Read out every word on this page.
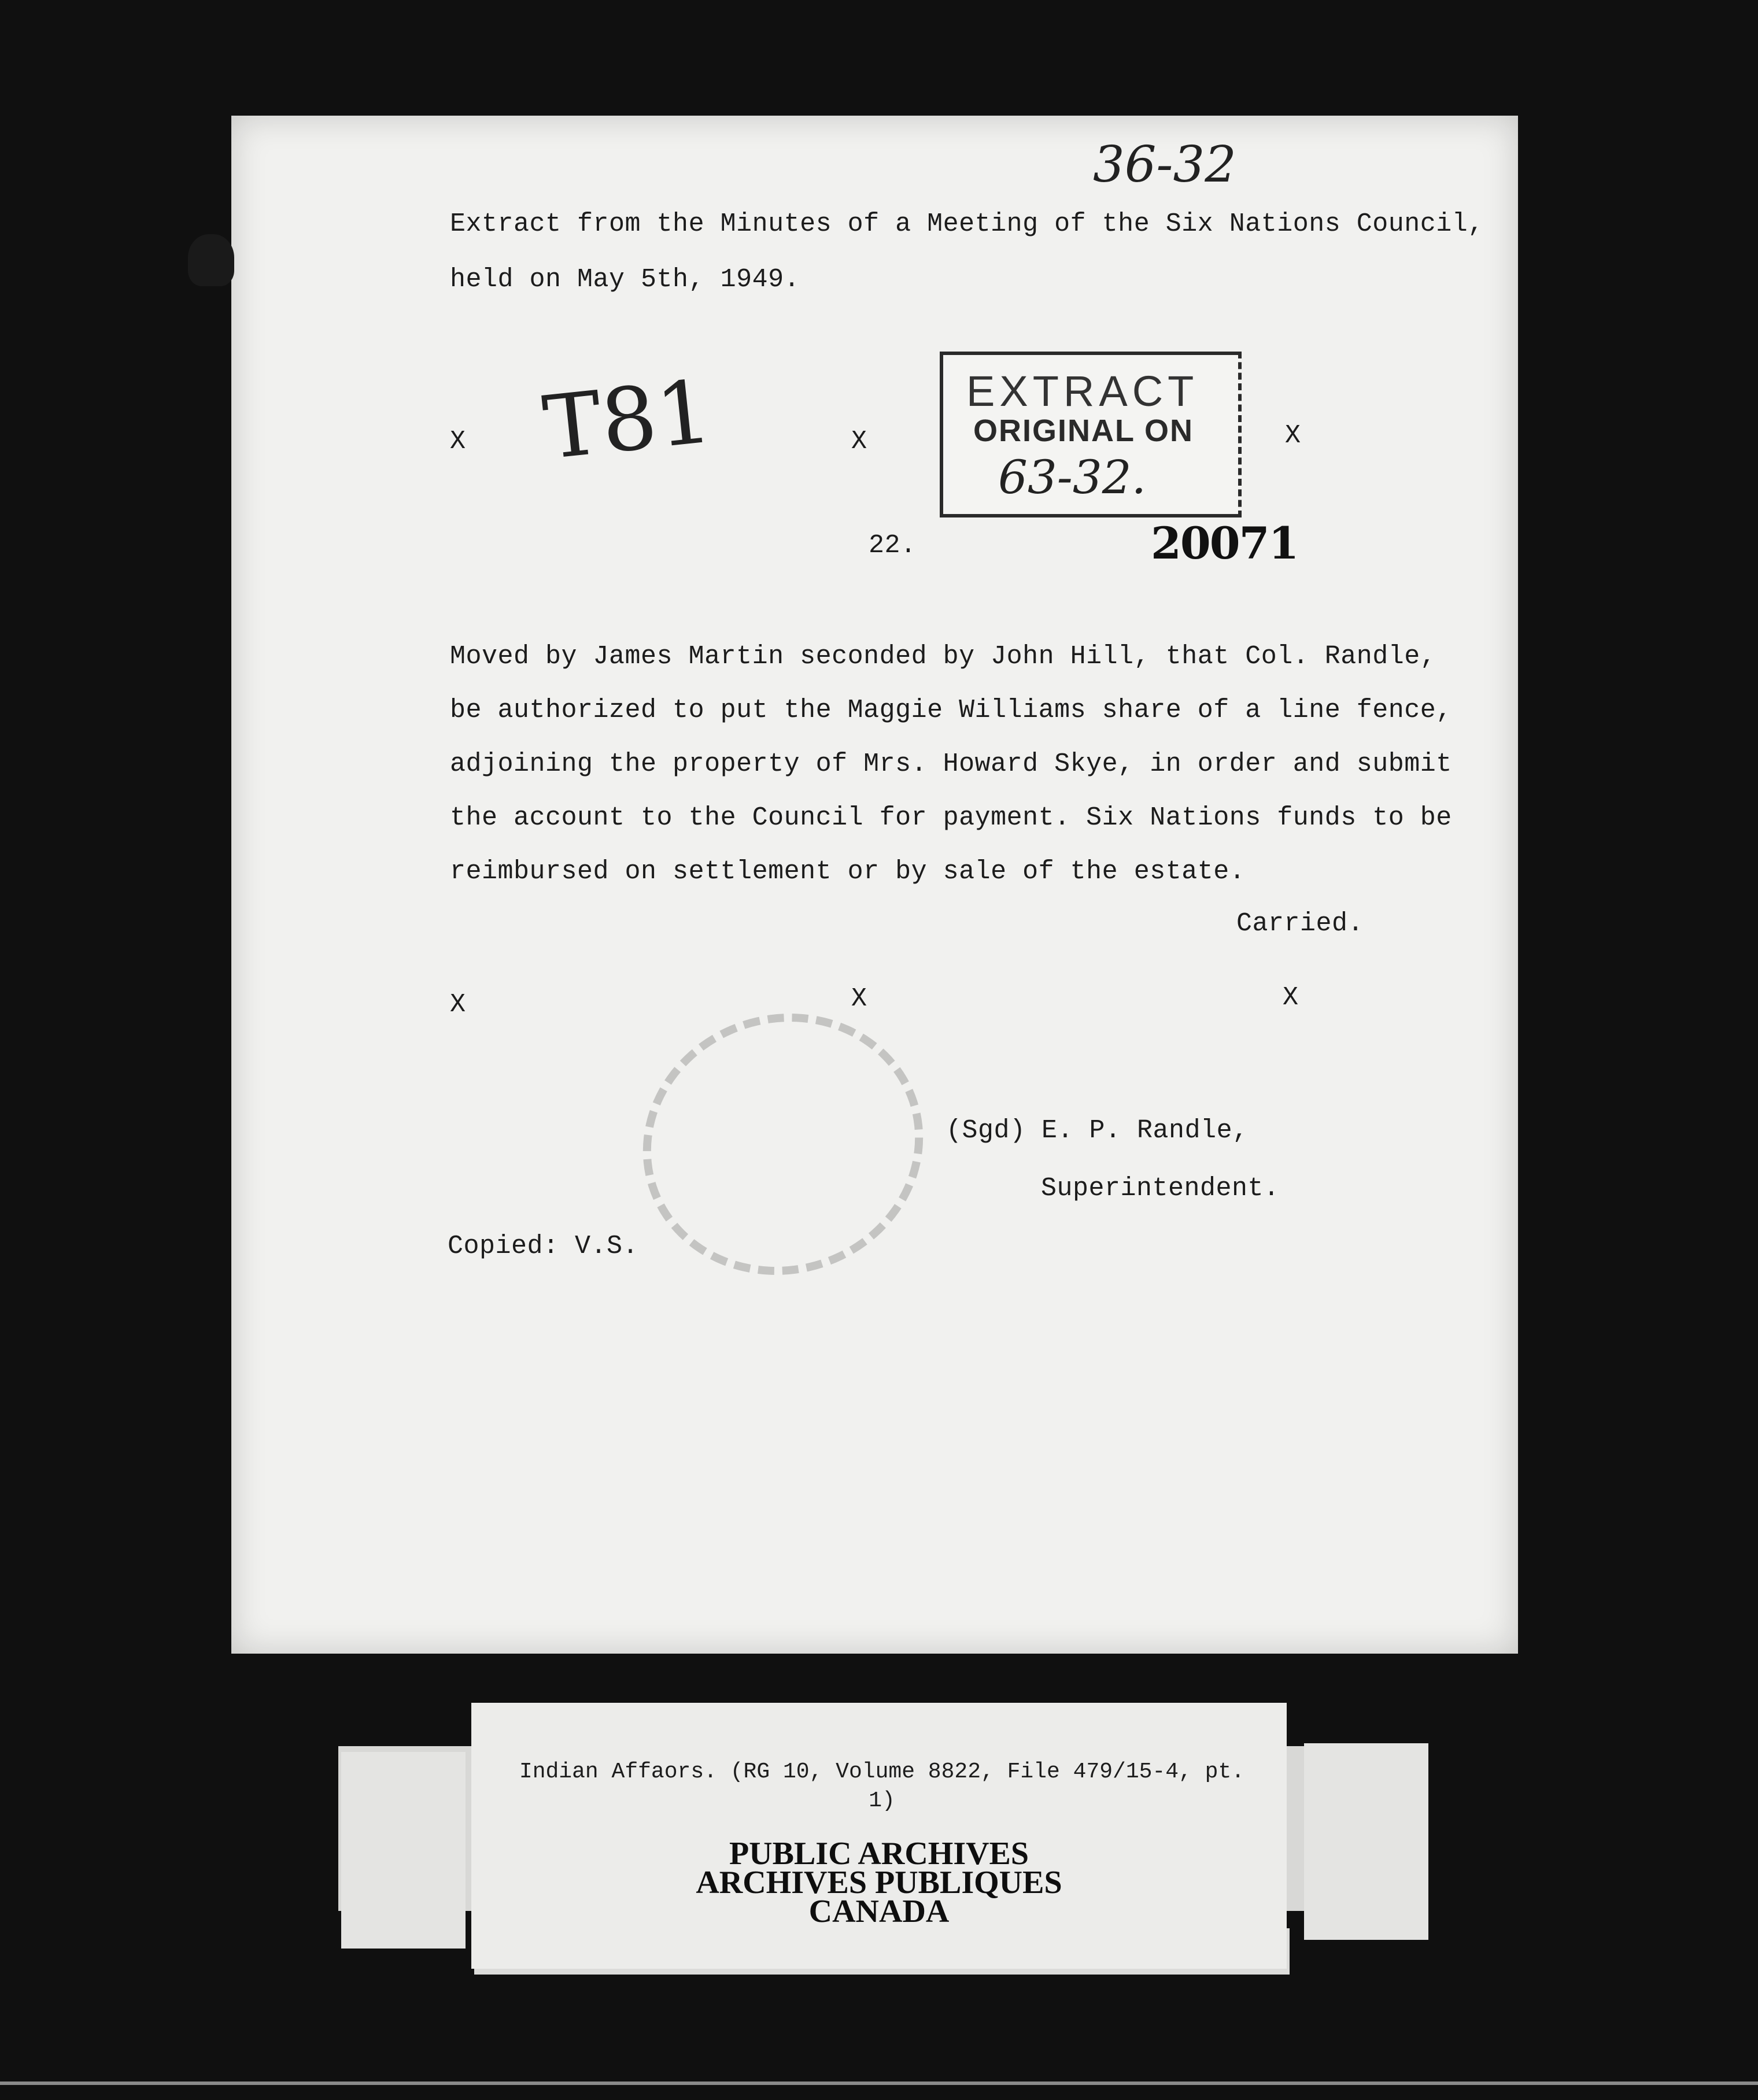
36-32
Extract from the Minutes of a Meeting of the Six Nations Council,
held on May 5th, 1949.
X T81	X
EXTRACT
ORIGINAL ON
63-32.
X
22.	20071
Moved by James Martin seconded by John Hill, that Col. Randle,
be authorized to put the Maggie Williams share of a line fence,
adjoining the property of Mrs. Howard Skye, in order and submit
the account to the Council for payment. Six Nations funds to be
reimbursed on settlement or by sale of the estate.
Carried.
X	X	X
(Sgd) E. P. Randle,
Superintendent.
Copied: V.S.
Indian Affaors. (RG 10, Volume 8822, File 479/15-4, pt. 1)
PUBLIC ARCHIVES
ARCHIVES PUBLIQUES
CANADA
